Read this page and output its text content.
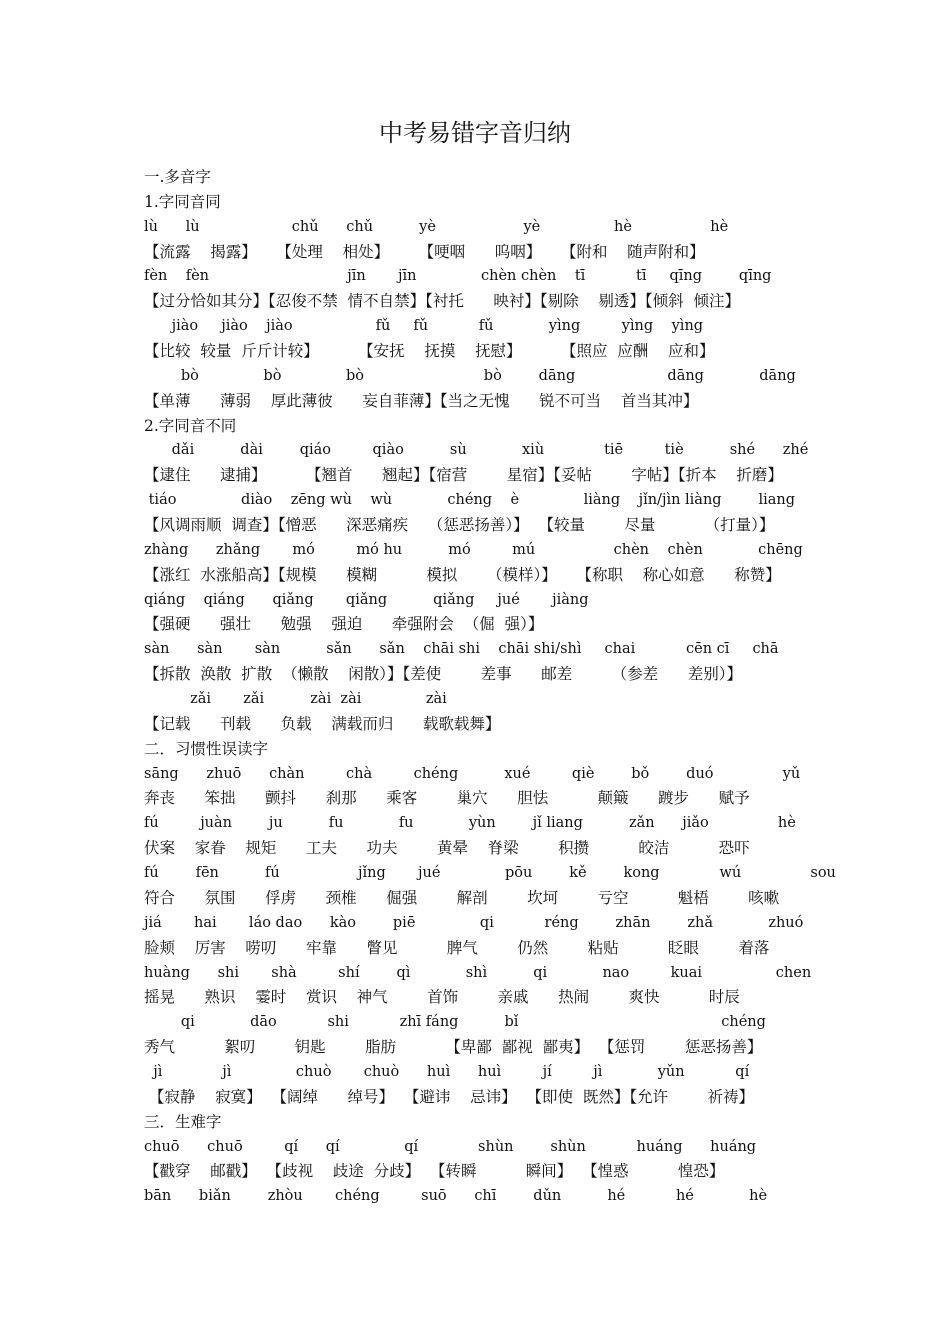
中考易错字音归纳
一.多音字
1.字同音同
lù      lù                    chǔ      chǔ          yè                   yè                hè                 hè
【流露    揭露】    【处理    相处】      【哽咽      呜咽】    【附和    随声附和】
fèn    fèn                              jīn       jīn              chèn chèn    tī           tī     qīng        qīng
【过分恰如其分】【忍俊不禁  情不自禁】【衬托      映衬】【剔除    剔透】【倾斜  倾注】
jiào     jiào    jiào                  fǔ     fǔ           fǔ            yìng         yìng    yìng
【比较  较量  斤斤计较】        【安抚    抚摸    抚慰】        【照应  应酬    应和】
bò              bò              bò                          bò        dāng                    dāng            dāng
【单薄      薄弱    厚此薄彼      妄自菲薄】【当之无愧      锐不可当    首当其冲】
2.字同音不同
dǎi          dài        qiáo         qiào          sù            xiù             tiē         tiè          shé      zhé
【逮住      逮捕】        【翘首      翘起】【宿营        星宿】【妥帖        字帖】【折本    折磨】
tiáo              diào    zēng wù    wù            chéng    è              liàng    jǐn/jìn liàng        liang
【风调雨顺  调查】【憎恶      深恶痛疾    （惩恶扬善）】  【较量        尽量          （打量）】
zhàng      zhǎng       mó         mó hu          mó         mú                 chèn    chèn            chēng
【涨红  水涨船高】【规模      模糊          模拟      （模样）】    【称职    称心如意      称赞】
qiáng    qiáng      qiǎng       qiǎng          qiǎng     jué       jiàng
【强硬      强壮      勉强    强迫      牵强附会  （倔  强）】
sàn      sàn       sàn          sǎn      sǎn    chāi shi    chāi shi/shì     chai           cēn cī     chā
【拆散  涣散  扩散  （懒散    闲散）】【差使        差事      邮差        （参差      差别）】
zǎi       zǎi          zài  zài              zài
【记载      刊载      负载    满载而归      载歌载舞】
二．习惯性误读字
sāng      zhuō      chàn         chà         chéng          xué         qiè        bǒ        duó               yǔ
奔丧      笨拙      颤抖      刹那      乘客        巢穴      胆怯          颠簸      踱步      赋予
fú         juàn        ju          fu            fu            yùn        jǐ liang          zǎn      jiǎo               hè
伏案    家眷    规矩      工夫      功夫        黄晕    脊梁        积攒          皎洁          恐吓
fú        fēn          fú                 jǐng       jué              pōu        kě        kong             wú               sou
符合      氛围      俘虏      颈椎      倔强        解剖        坎坷        亏空          魁梧        咳嗽
jiá       hai       láo dao      kào        piē              qi           réng        zhān        zhǎ            zhuó
脸颊    厉害    唠叨      牢靠      瞥见          脾气        仍然        粘贴          眨眼        着落
huàng      shi       shà         shí        qì            shì          qi            nao         kuai                chen
摇晃      熟识    霎时    赏识    神气        首饰        亲戚      热闹        爽快          时辰
qi            dāo           shi           zhī fáng          bǐ                                            chéng
秀气          絮叨        钥匙        脂肪          【卑鄙  鄙视  鄙夷】  【惩罚        惩恶扬善】
jì             jì              chuò       chuò      huì      huì         jí         jì            yǔn           qí
【寂静    寂寞】  【阔绰      绰号】  【避讳    忌讳】  【即使  既然】【允许        祈祷】
三．生难字
chuō      chuō         qí      qí              qí             shùn        shùn           huáng      huáng
【戳穿    邮戳】  【歧视    歧途  分歧】  【转瞬          瞬间】  【惶惑          惶恐】
bān      biǎn        zhòu       chéng         suō      chī        dǔn          hé           hé            hè
